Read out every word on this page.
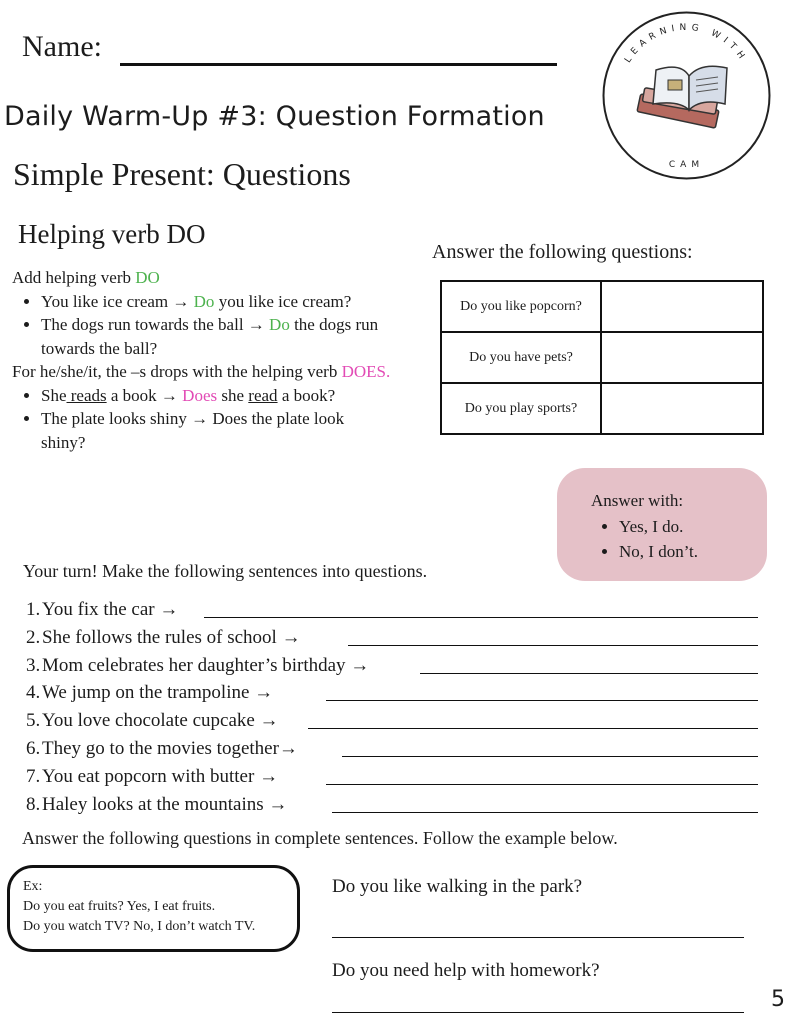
Name:
Daily Warm-Up #3: Question Formation
Simple Present: Questions
Helping verb DO
LEARNING WITH
CAM

Add helping verb DO

• You like ice cream → Do you like ice cream?
• The dogs run towards the ball → Do the dogs run towards the ball?

For he/she/it, the –s drops with the helping verb DOES.

• She reads a book → Does she read a book?
• The plate looks shiny → Does the plate look shiny?
Answer the following questions:
Do you like popcorn?	
Do you have pets?	
Do you play sports?	
Answer with:
• Yes, I do.
• No, I don’t.
Your turn! Make the following sentences into questions.
1.You fix the car →
2.She follows the rules of school →
3.Mom celebrates her daughter’s birthday →
4.We jump on the trampoline →
5.You love chocolate cupcake →
6.They go to the movies together→
7.You eat popcorn with butter →
8.Haley looks at the mountains →
Answer the following questions in complete sentences. Follow the example below.
Ex:
Do you eat fruits? Yes, I eat fruits.
Do you watch TV? No, I don’t watch TV.
Do you like walking in the park?
Do you need help with homework?
5
